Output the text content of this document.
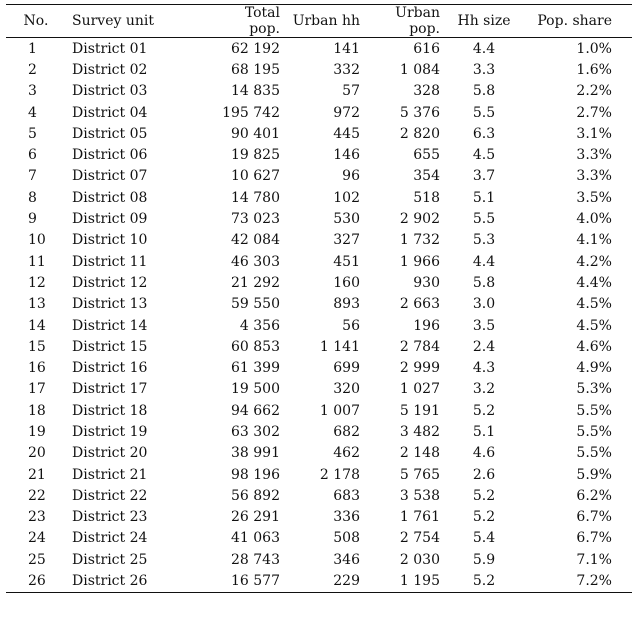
No.	Survey unit	Total pop.	Urban hh	Urban pop.	Hh size	Pop. share
1	District 01	62 192	141	616	4.4	1.0%
2	District 02	68 195	332	1 084	3.3	1.6%
3	District 03	14 835	57	328	5.8	2.2%
4	District 04	195 742	972	5 376	5.5	2.7%
5	District 05	90 401	445	2 820	6.3	3.1%
6	District 06	19 825	146	655	4.5	3.3%
7	District 07	10 627	96	354	3.7	3.3%
8	District 08	14 780	102	518	5.1	3.5%
9	District 09	73 023	530	2 902	5.5	4.0%
10	District 10	42 084	327	1 732	5.3	4.1%
11	District 11	46 303	451	1 966	4.4	4.2%
12	District 12	21 292	160	930	5.8	4.4%
13	District 13	59 550	893	2 663	3.0	4.5%
14	District 14	4 356	56	196	3.5	4.5%
15	District 15	60 853	1 141	2 784	2.4	4.6%
16	District 16	61 399	699	2 999	4.3	4.9%
17	District 17	19 500	320	1 027	3.2	5.3%
18	District 18	94 662	1 007	5 191	5.2	5.5%
19	District 19	63 302	682	3 482	5.1	5.5%
20	District 20	38 991	462	2 148	4.6	5.5%
21	District 21	98 196	2 178	5 765	2.6	5.9%
22	District 22	56 892	683	3 538	5.2	6.2%
23	District 23	26 291	336	1 761	5.2	6.7%
24	District 24	41 063	508	2 754	5.4	6.7%
25	District 25	28 743	346	2 030	5.9	7.1%
26	District 26	16 577	229	1 195	5.2	7.2%
